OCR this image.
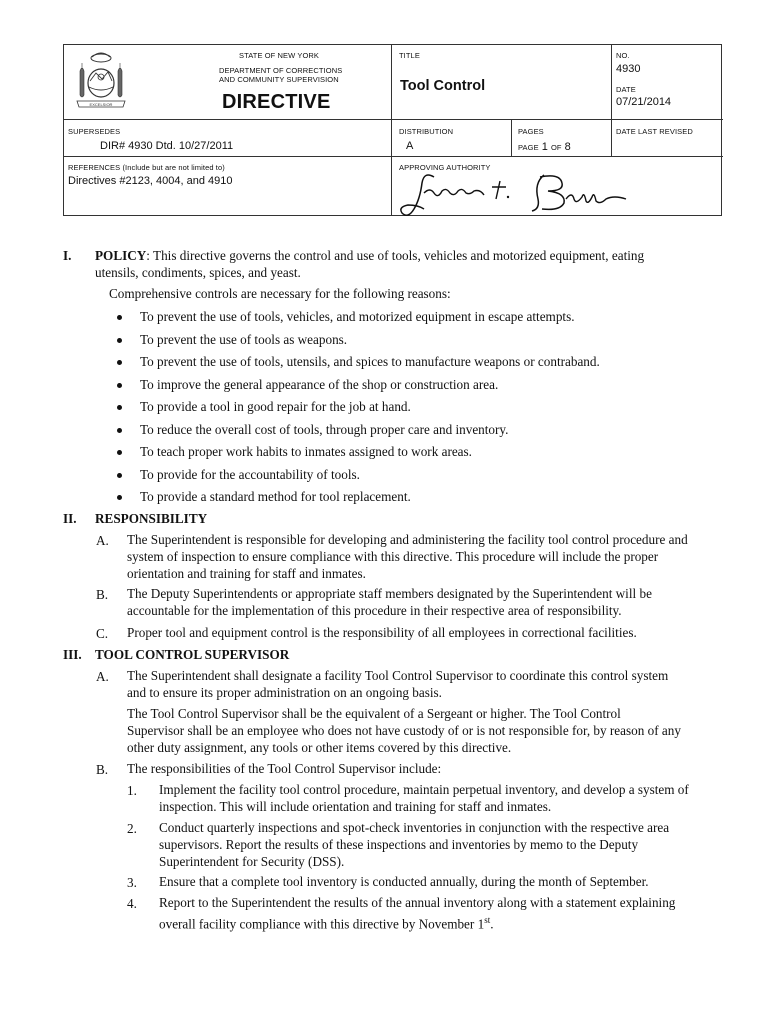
EXCELSIOR
STATE OF NEW YORK
DEPARTMENT OF CORRECTIONS
AND COMMUNITY SUPERVISION
DIRECTIVE
TITLE
Tool Control
NO.
4930
DATE
07/21/2014
SUPERSEDES
DIR# 4930 Dtd. 10/27/2011
DISTRIBUTION
A
PAGES
PAGE 1 OF 8
DATE LAST REVISED
REFERENCES (Include but are not limited to)
Directives #2123, 4004, and 4910
APPROVING AUTHORITY
I. POLICY: This directive governs the control and use of tools, vehicles and motorized equipment, eating
utensils, condiments, spices, and yeast.
Comprehensive controls are necessary for the following reasons:
To prevent the use of tools, vehicles, and motorized equipment in escape attempts.
To prevent the use of tools as weapons.
To prevent the use of tools, utensils, and spices to manufacture weapons or contraband.
To improve the general appearance of the shop or construction area.
To provide a tool in good repair for the job at hand.
To reduce the overall cost of tools, through proper care and inventory.
To teach proper work habits to inmates assigned to work areas.
To provide for the accountability of tools.
To provide a standard method for tool replacement.
II. RESPONSIBILITY
A. The Superintendent is responsible for developing and administering the facility tool control procedure and
system of inspection to ensure compliance with this directive. This procedure will include the proper
orientation and training for staff and inmates.
B. The Deputy Superintendents or appropriate staff members designated by the Superintendent will be
accountable for the implementation of this procedure in their respective area of responsibility.
C. Proper tool and equipment control is the responsibility of all employees in correctional facilities.
III. TOOL CONTROL SUPERVISOR
A. The Superintendent shall designate a facility Tool Control Supervisor to coordinate this control system
and to ensure its proper administration on an ongoing basis.
The Tool Control Supervisor shall be the equivalent of a Sergeant or higher. The Tool Control
Supervisor shall be an employee who does not have custody of or is not responsible for, by reason of any
other duty assignment, any tools or other items covered by this directive.
B. The responsibilities of the Tool Control Supervisor include:
1. Implement the facility tool control procedure, maintain perpetual inventory, and develop a system of
inspection. This will include orientation and training for staff and inmates.
2. Conduct quarterly inspections and spot-check inventories in conjunction with the respective area
supervisors. Report the results of these inspections and inventories by memo to the Deputy
Superintendent for Security (DSS).
3. Ensure that a complete tool inventory is conducted annually, during the month of September.
4. Report to the Superintendent the results of the annual inventory along with a statement explaining
overall facility compliance with this directive by November 1st.
